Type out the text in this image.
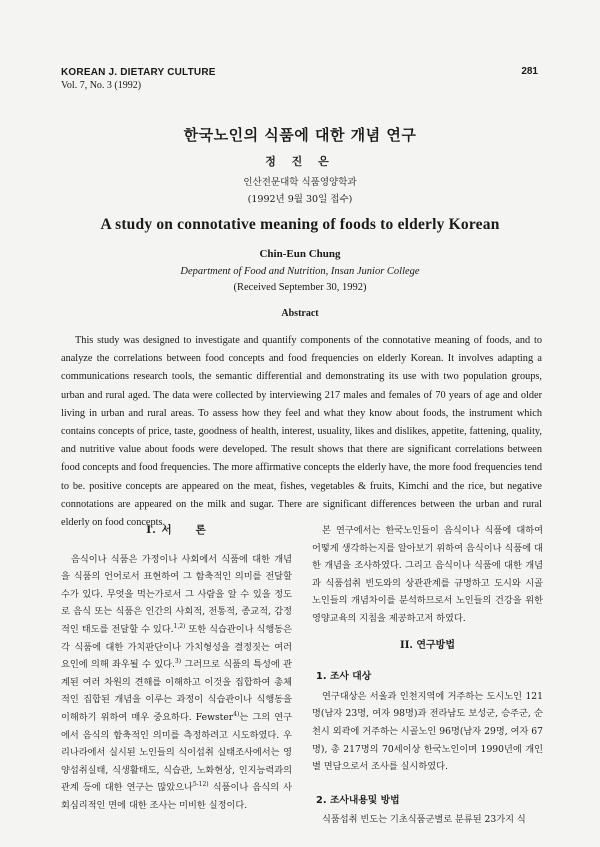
KOREAN J. DIETARY CULTURE
Vol. 7, No. 3 (1992)
281
한국노인의 식품에 대한 개념 연구
정 진 은
인산전문대학 식품영양학과
(1992년 9월 30일 접수)
A study on connotative meaning of foods to elderly Korean
Chin-Eun Chung
Department of Food and Nutrition, Insan Junior College
(Received September 30, 1992)
Abstract
This study was designed to investigate and quantify components of the connotative meaning of foods, and to analyze the correlations between food concepts and food frequencies on elderly Korean. It involves adapting a communications research tools, the semantic differential and demonstrating its use with two population groups, urban and rural aged. The data were collected by interviewing 217 males and females of 70 years of age and older living in urban and rural areas. To assess how they feel and what they know about foods, the instrument which contains concepts of price, taste, goodness of health, interest, usuality, likes and dislikes, appetite, fattening, quality, and nutritive value about foods were developed. The result shows that there are significant correlations between food concepts and food frequencies. The more affirmative concepts the elderly have, the more food frequencies tend to be. positive concepts are appeared on the meat, fishes, vegetables & fruits, Kimchi and the rice, but negative connotations are appeared on the milk and sugar. There are significant differences between the urban and rural elderly on food concepts.
I. 서　　론

음식이나 식품은 가정이나 사회에서 식품에 대한 개념을 식품의 언어로서 표현하여 그 함축적인 의미를 전달할 수가 있다. 무엇을 먹는가로서 그 사람을 알 수 있을 정도로 음식 또는 식품은 인간의 사회적, 전통적, 종교적, 감정적인 태도를 전달할 수 있다.$^{1,2)}$ 또한 식습관이나 식행동은 각 식품에 대한 가치판단이나 가치형성을 결정짓는 여러 요인에 의해 좌우될 수 있다.$^{3)}$ 그러므로 식품의 특성에 관계된 여러 차원의 견해를 이해하고 이것을 집합하여 총체적인 집합된 개념을 이루는 과정이 식습관이나 식행동을 이해하기 위하여 매우 중요하다. Fewster$^{4)}$는 그의 연구에서 음식의 함축적인 의미를 측정하려고 시도하였다. 우리나라에서 실시된 노인들의 식이섭취 실태조사에서는 영양섭취실태, 식생활태도, 식습관, 노화현상, 인지능력과의 관계 등에 대한 연구는 많았으나$^{5-12)}$ 식품이나 음식의 사회심리적인 면에 대한 조사는 미비한 실정이다.

본 연구에서는 한국노인들이 음식이나 식품에 대하여 어떻게 생각하는지를 알아보기 위하여 음식이나 식품에 대한 개념을 조사하였다. 그리고 음식이나 식품에 대한 개념과 식품섭취 빈도와의 상관관계를 규명하고 도시와 시골 노인들의 개념차이를 분석하므로서 노인들의 건강을 위한 영양교육의 지침을 제공하고저 하였다.

II. 연구방법
1. 조사 대상

연구대상은 서울과 인천지역에 거주하는 도시노인 121명(남자 23명, 여자 98명)과 전라남도 보성군, 승주군, 순천시 외곽에 거주하는 시골노인 96명(남자 29명, 여자 67명), 총 217명의 70세이상 한국노인이며 1990년에 개인별 면담으로서 조사를 실시하였다.

2. 조사내용및 방법

식품섭취 빈도는 기초식품군별로 분류된 23가지 식
